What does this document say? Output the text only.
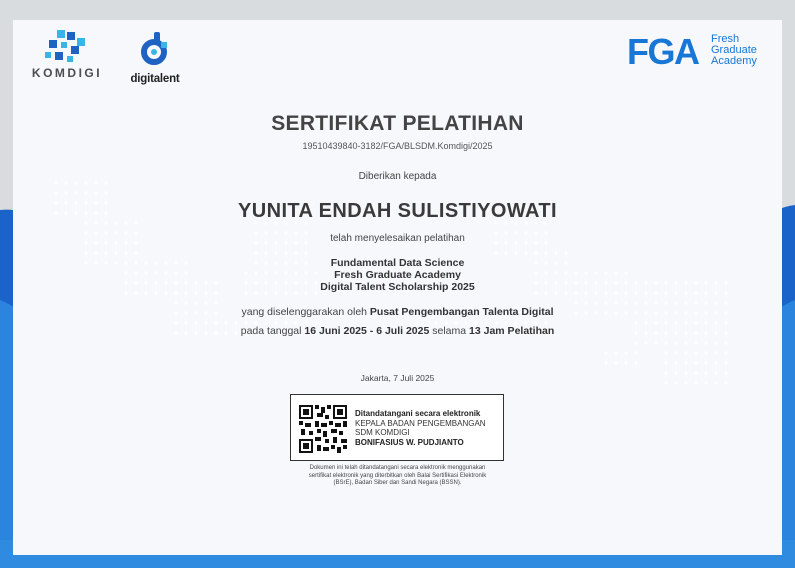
KOMDIGI	digitalent
FGA Fresh
Graduate
Academy
SERTIFIKAT PELATIHAN
19510439840-3182/FGA/BLSDM.Komdigi/2025
Diberikan kepada
YUNITA ENDAH SULISTIYOWATI
telah menyelesaikan pelatihan
Fundamental Data Science
Fresh Graduate Academy
Digital Talent Scholarship 2025
yang diselenggarakan oleh Pusat Pengembangan Talenta Digital
pada tanggal 16 Juni 2025 - 6 Juli 2025 selama 13 Jam Pelatihan
Jakarta, 7 Juli 2025
Ditandatangani secara elektronik
KEPALA BADAN PENGEMBANGAN
SDM KOMDIGI
BONIFASIUS W. PUDJIANTO
Dokumen ini telah ditandatangani secara elektronik menggunakan
sertifikat elektronik yang diterbitkan oleh Balai Sertifikasi Elektronik
(BSrE), Badan Siber dan Sandi Negara (BSSN).
